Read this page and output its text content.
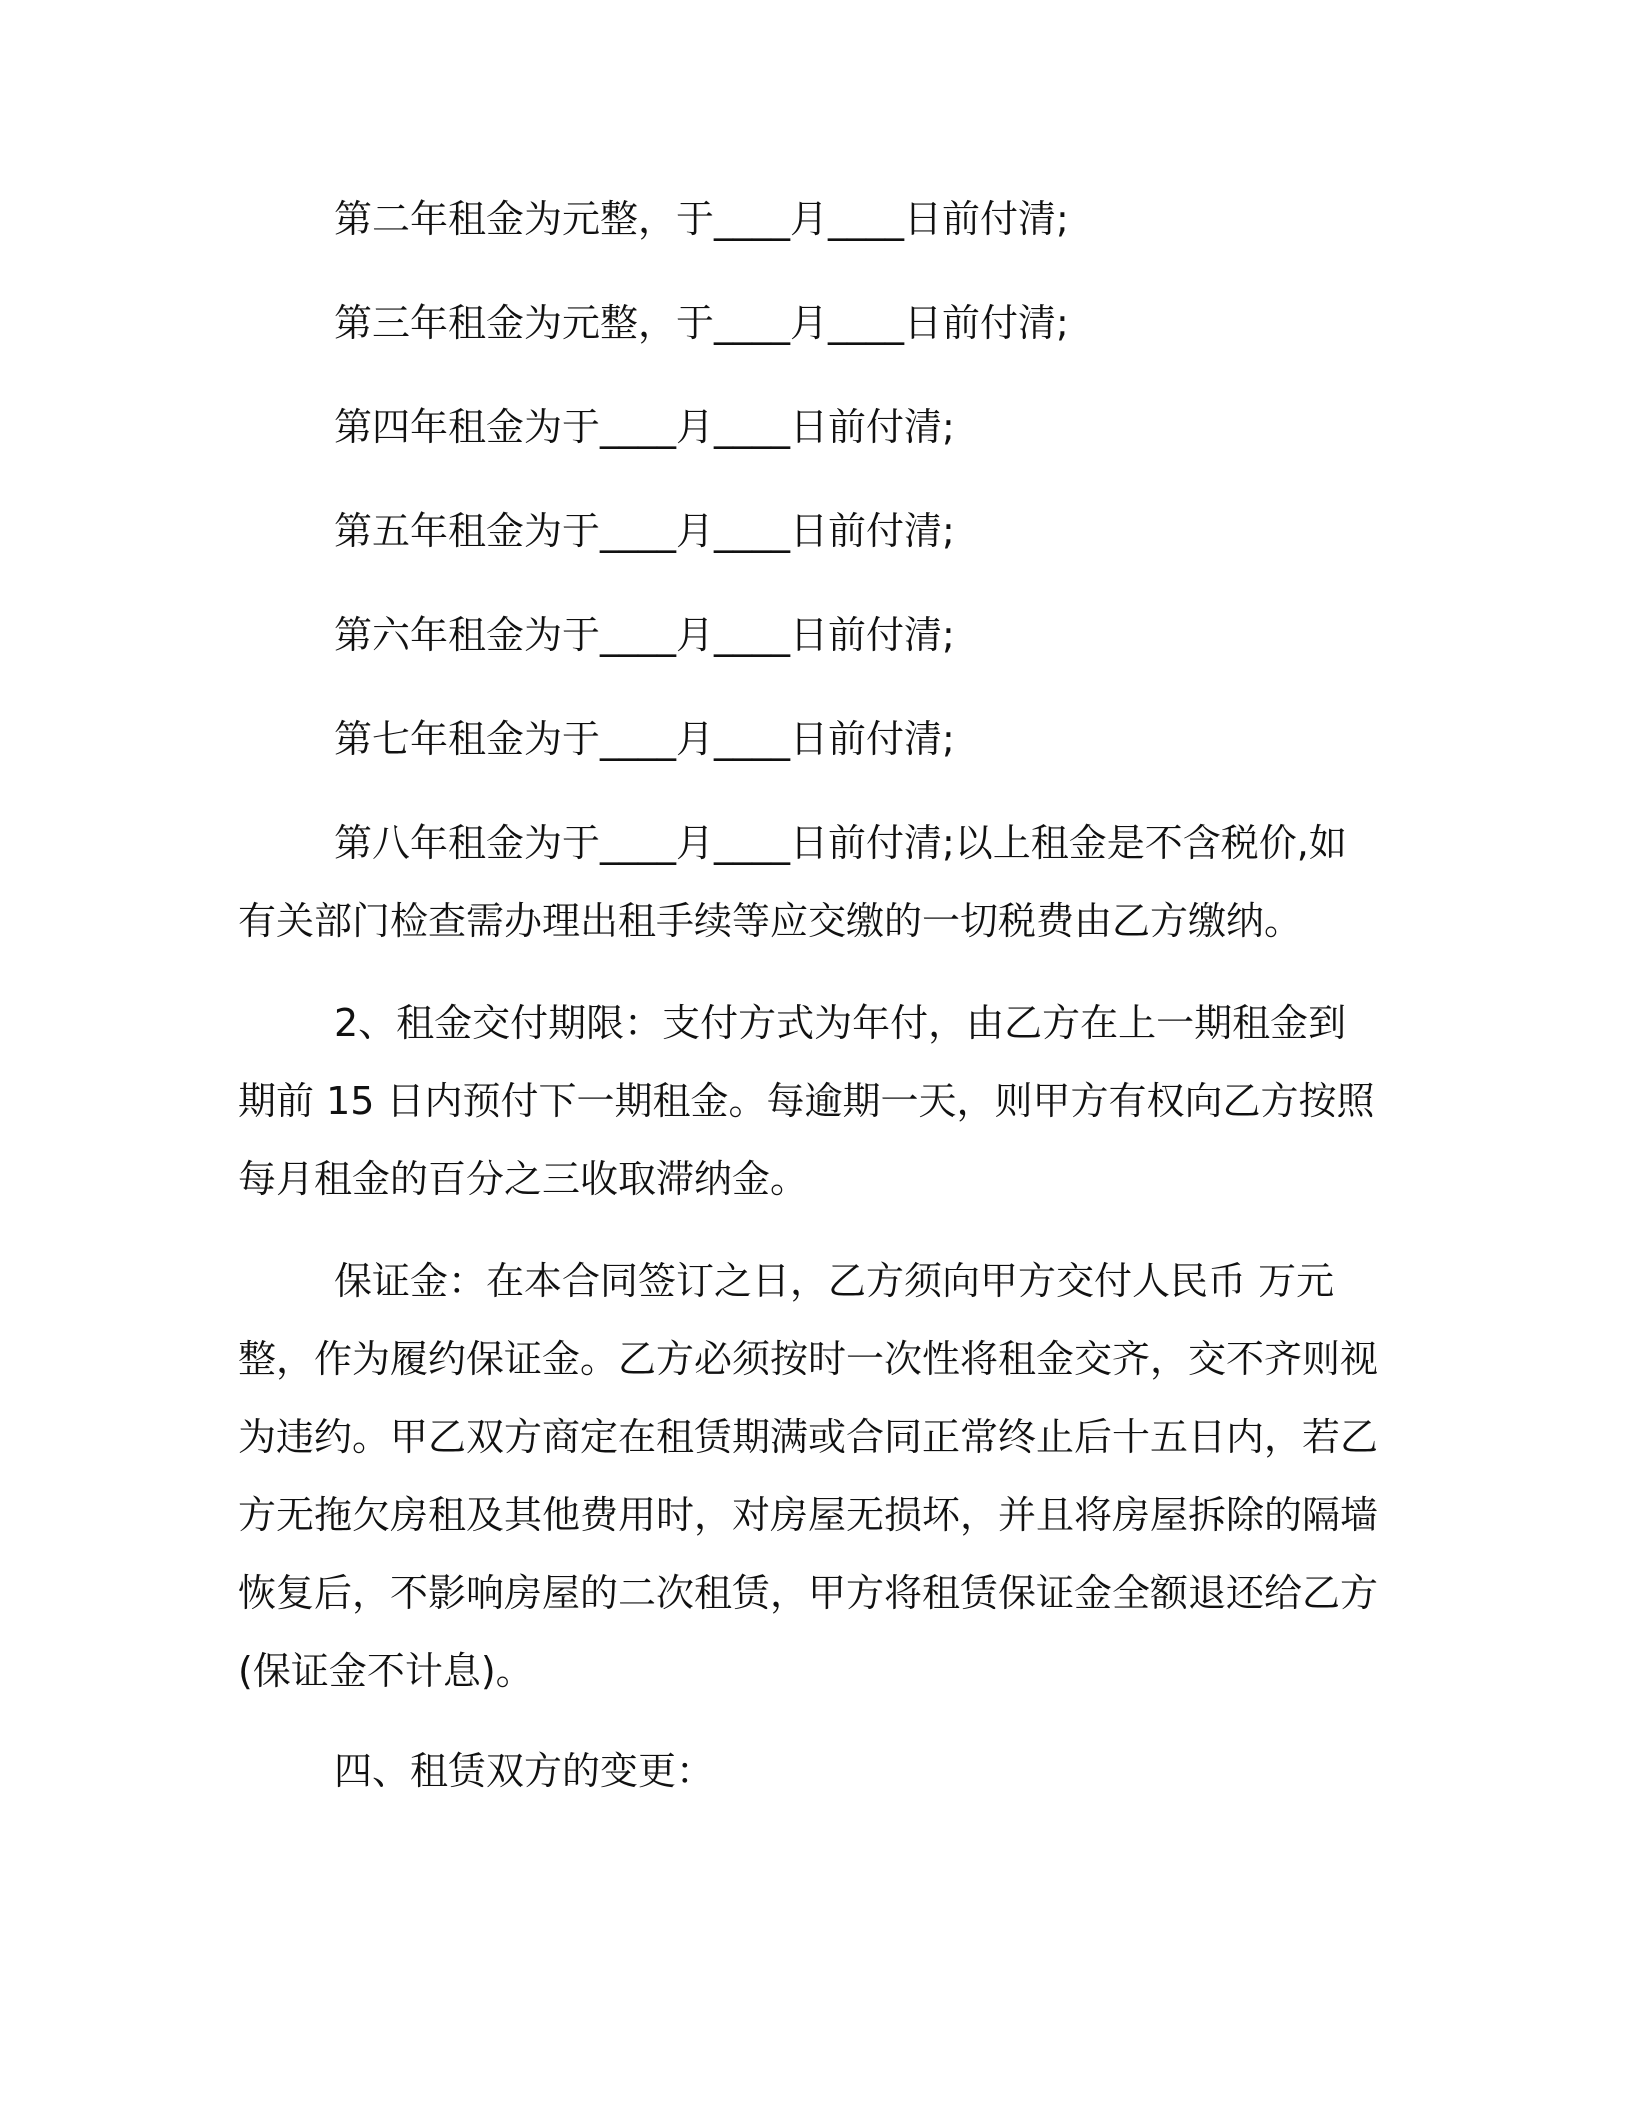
第二年租金为元整，于____月____日前付清;

第三年租金为元整，于____月____日前付清;

第四年租金为于____月____日前付清;

第五年租金为于____月____日前付清;

第六年租金为于____月____日前付清;

第七年租金为于____月____日前付清;

第八年租金为于____月____日前付清;以上租金是不含税价,如有关部门检查需办理出租手续等应交缴的一切税费由乙方缴纳。

2、租金交付期限：支付方式为年付，由乙方在上一期租金到期前 15 日内预付下一期租金。每逾期一天，则甲方有权向乙方按照每月租金的百分之三收取滞纳金。

保证金：在本合同签订之日，乙方须向甲方交付人民币 万元整，作为履约保证金。乙方必须按时一次性将租金交齐，交不齐则视为违约。甲乙双方商定在租赁期满或合同正常终止后十五日内，若乙方无拖欠房租及其他费用时，对房屋无损坏，并且将房屋拆除的隔墙恢复后，不影响房屋的二次租赁，甲方将租赁保证金全额退还给乙方(保证金不计息)。

四、租赁双方的变更：
